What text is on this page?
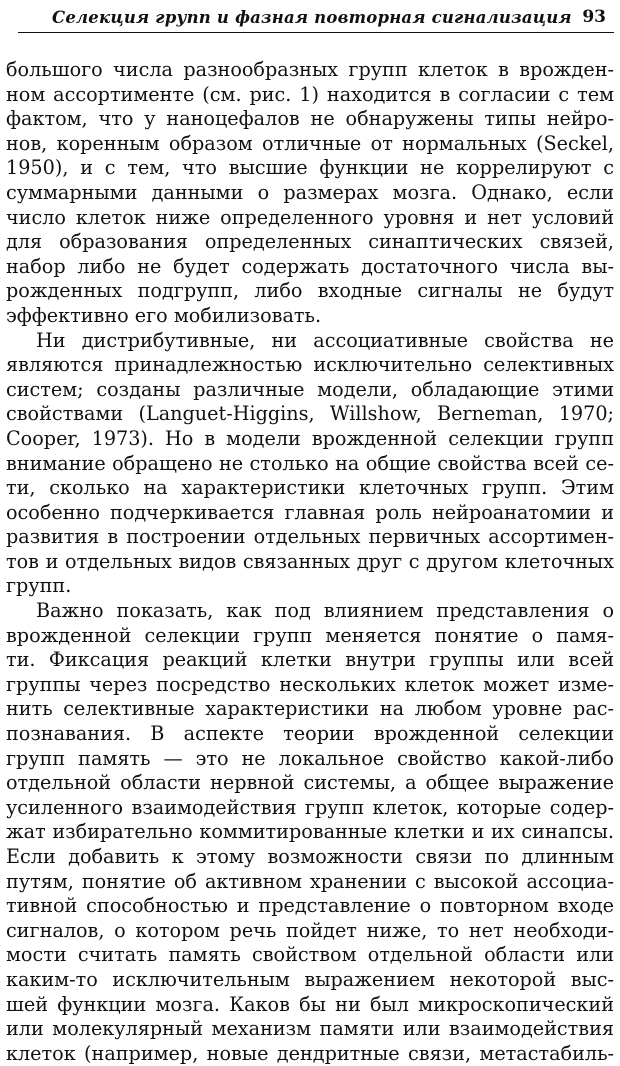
Селекция групп и фазная повторная сигнализация 93
большого числа разнообразных групп клеток в врожден-
ном ассортименте (см. рис. 1) находится в согласии с тем
фактом, что у наноцефалов не обнаружены типы нейро-
нов, коренным образом отличные от нормальных (Seckel,
1950), и с тем, что высшие функции не коррелируют с
суммарными данными о размерах мозга. Однако, если
число клеток ниже определенного уровня и нет условий
для образования определенных синаптических связей,
набор либо не будет содержать достаточного числа вы-
рожденных подгрупп, либо входные сигналы не будут
эффективно его мобилизовать.
Ни дистрибутивные, ни ассоциативные свойства не
являются принадлежностью исключительно селективных
систем; созданы различные модели, обладающие этими
свойствами (Languet-Higgins, Willshow, Berneman, 1970;
Cooper, 1973). Но в модели врожденной селекции групп
внимание обращено не столько на общие свойства всей се-
ти, сколько на характеристики клеточных групп. Этим
особенно подчеркивается главная роль нейроанатомии и
развития в построении отдельных первичных ассортимен-
тов и отдельных видов связанных друг с другом клеточных
групп.
Важно показать, как под влиянием представления о
врожденной селекции групп меняется понятие о памя-
ти. Фиксация реакций клетки внутри группы или всей
группы через посредство нескольких клеток может изме-
нить селективные характеристики на любом уровне рас-
познавания. В аспекте теории врожденной селекции
групп память — это не локальное свойство какой-либо
отдельной области нервной системы, а общее выражение
усиленного взаимодействия групп клеток, которые содер-
жат избирательно коммитированные клетки и их синапсы.
Если добавить к этому возможности связи по длинным
путям, понятие об активном хранении с высокой ассоциа-
тивной способностью и представление о повторном входе
сигналов, о котором речь пойдет ниже, то нет необходи-
мости считать память свойством отдельной области или
каким-то исключительным выражением некоторой выс-
шей функции мозга. Каков бы ни был микроскопический
или молекулярный механизм памяти или взаимодействия
клеток (например, новые дендритные связи, метастабиль-
